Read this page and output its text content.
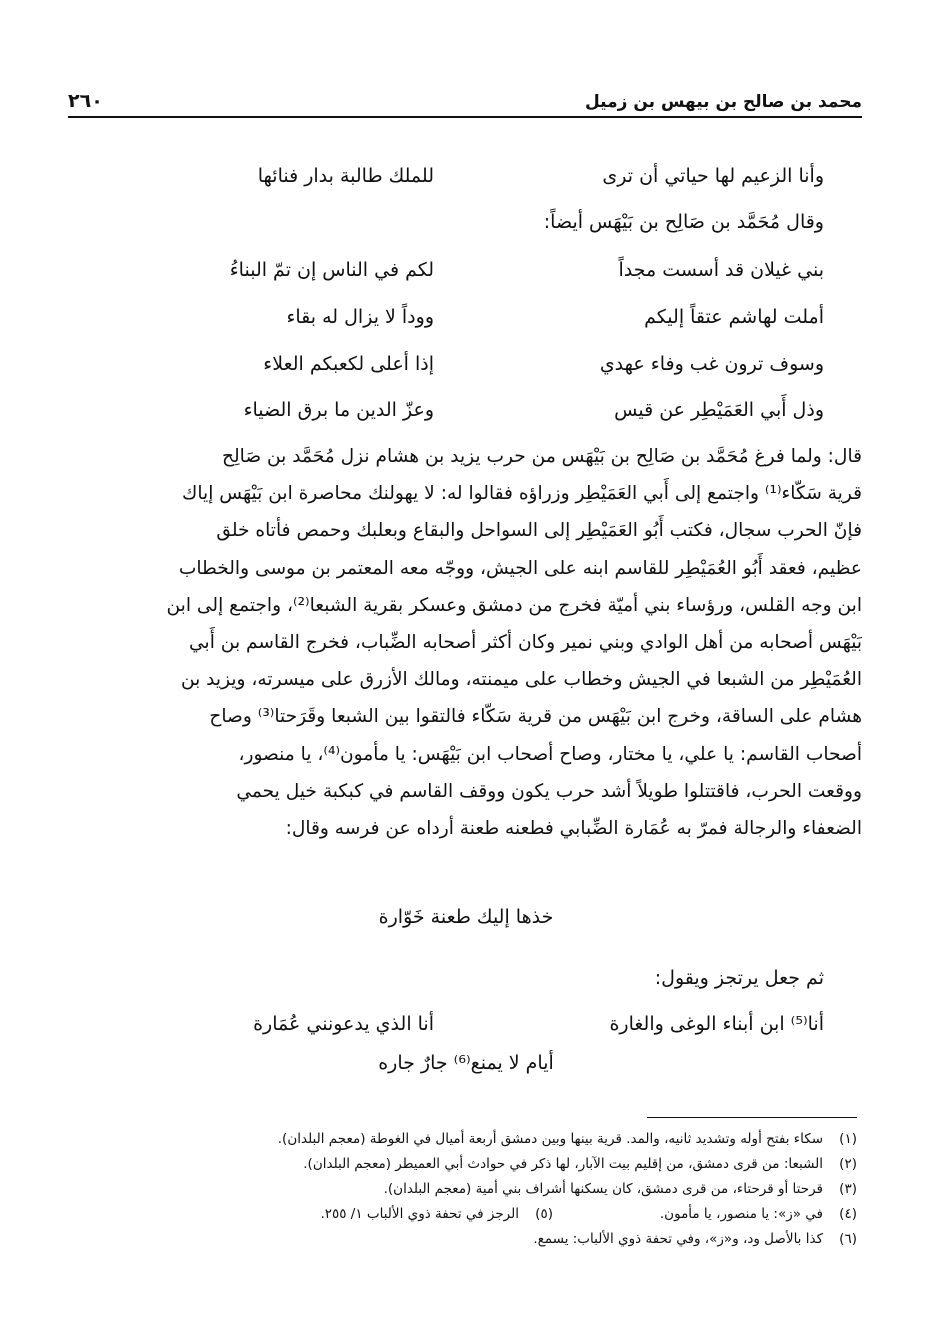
محمد بن صالح بن بيهس بن زميل
٢٦٠
وأنا الزعيم لها حياتي أن ترى
للملك طالبة بدار فنائها
وقال مُحَمَّد بن صَالِح بن بَيْهَس أيضاً:
بني غيلان قد أسست مجداً
لكم في الناس إن تمّ البناءُ
أملت لهاشم عتقاً إليكم
ووداً لا يزال له بقاء
وسوف ترون غب وفاء عهدي
إذا أعلى لكعبكم العلاء
وذل أَبي العَمَيْطِر عن قيس
وعزّ الدين ما برق الضياء

قال: ولما فرغ مُحَمَّد بن صَالِح بن بَيْهَس من حرب يزيد بن هشام نزل مُحَمَّد بن صَالِح

قرية سَكّاء⁽¹⁾ واجتمع إلى أَبي العَمَيْطِر وزراؤه فقالوا له: لا يهولنك محاصرة ابن بَيْهَس إياك

فإنّ الحرب سجال، فكتب أَبُو العَمَيْطِر إلى السواحل والبقاع وبعلبك وحمص فأتاه خلق

عظيم، فعقد أَبُو العُمَيْطِر للقاسم ابنه على الجيش، ووجّه معه المعتمر بن موسى والخطاب

ابن وجه القلس، ورؤساء بني أميّة فخرج من دمشق وعسكر بقرية الشبعا⁽²⁾، واجتمع إلى ابن

بَيْهَس أصحابه من أهل الوادي وبني نمير وكان أكثر أصحابه الضِّباب، فخرج القاسم بن أَبي

العُمَيْطِر من الشبعا في الجيش وخطاب على ميمنته، ومالك الأزرق على ميسرته، ويزيد بن

هشام على الساقة، وخرج ابن بَيْهَس من قرية سَكّاء فالتقوا بين الشبعا وقَرَحتا⁽³⁾ وصاح

أصحاب القاسم: يا علي، يا مختار، وصاح أصحاب ابن بَيْهَس: يا مأمون⁽⁴⁾، يا منصور،

ووقعت الحرب، فاقتتلوا طويلاً أشد حرب يكون ووقف القاسم في كبكبة خيل يحمي

الضعفاء والرجالة فمرّ به عُمَارة الضِّبابي فطعنه طعنة أرداه عن فرسه وقال:

خذها إليك طعنة خَوّارة
ثم جعل يرتجز ويقول:
أنا⁽⁵⁾ ابن أبناء الوغى والغارة
أنا الذي يدعونني عُمَارة
أيام لا يمنع⁽⁶⁾ جارٌ جاره
(١)
سكاء بفتح أوله وتشديد ثانيه، والمد. قرية بينها وبين دمشق أربعة أميال في الغوطة (معجم البلدان).
(٢)
الشبعا: من قرى دمشق، من إقليم بيت الآبار، لها ذكر في حوادث أبي العميطر (معجم البلدان).
(٣)
قرحتا أو قرحتاء، من قرى دمشق، كان يسكنها أشراف بني أمية (معجم البلدان).
(٤)
في «ز»: يا منصور، يا مأمون.
(٥)
الرجز في تحفة ذوي الألباب ١/ ٢٥٥.
(٦)
كذا بالأصل ود، و«ز»، وفي تحفة ذوي الألباب: يسمع.
